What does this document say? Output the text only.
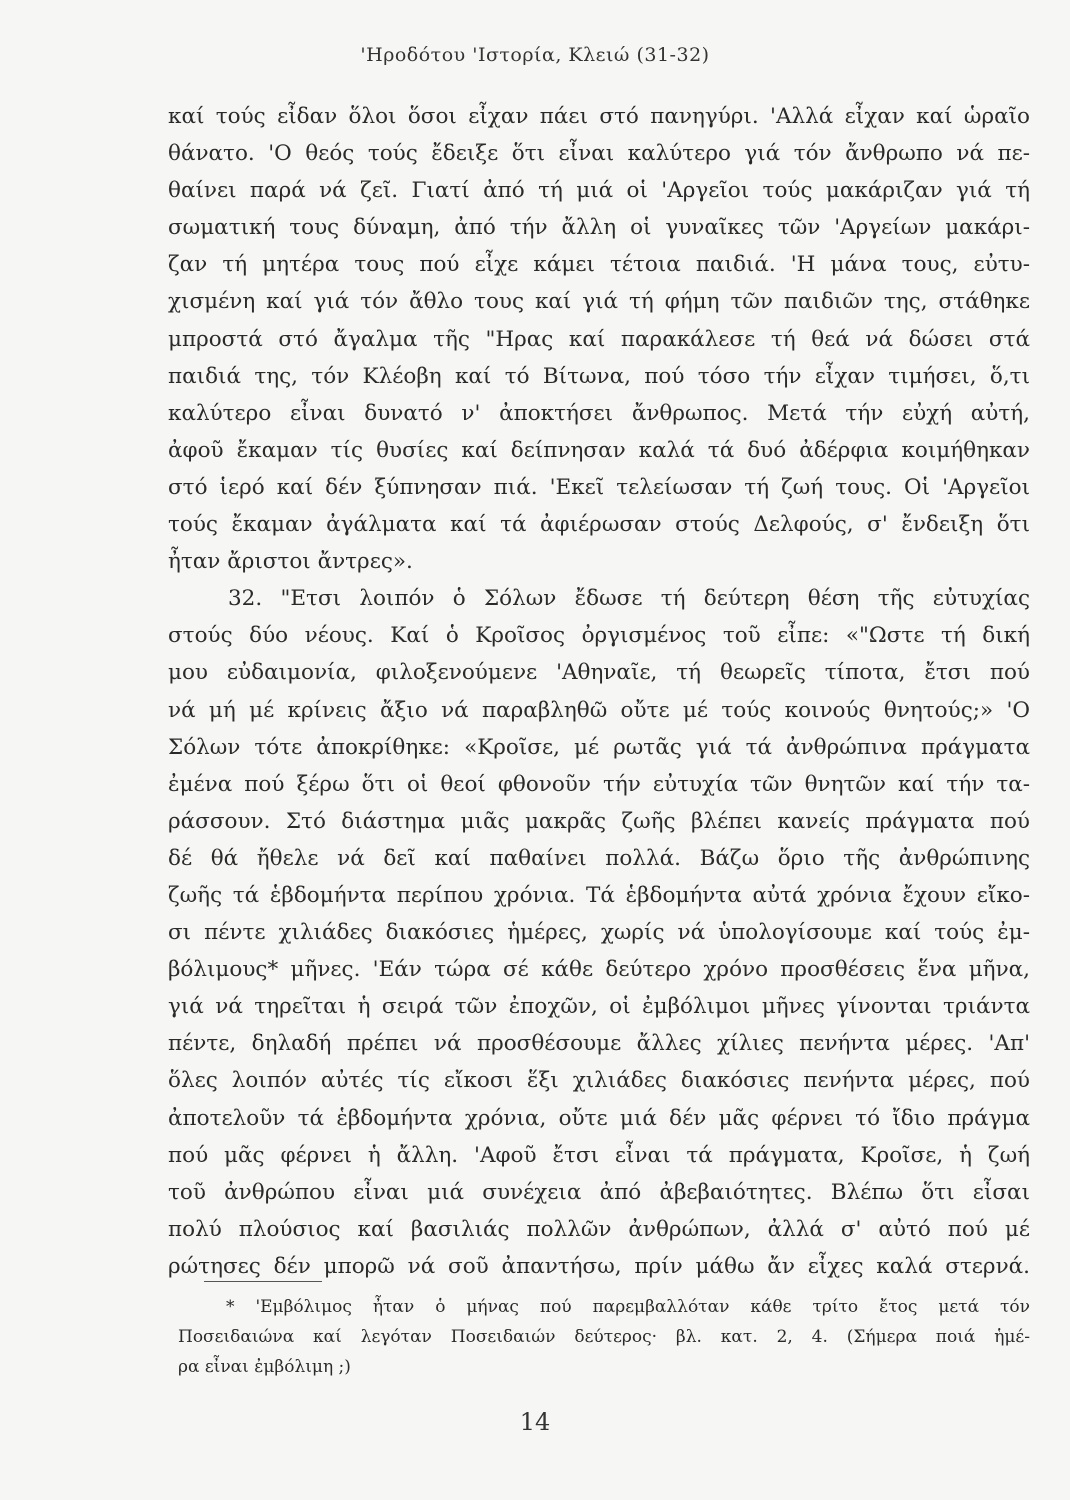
'Ηροδότου 'Ιστορία, Κλειώ (31-32)
καί τούς εἶδαν ὅλοι ὅσοι εἶχαν πάει στό πανηγύρι. 'Αλλά εἶχαν καί ὡραῖο
θάνατο. 'Ο θεός τούς ἔδειξε ὅτι εἶναι καλύτερο γιά τόν ἄνθρωπο νά πε-
θαίνει παρά νά ζεῖ. Γιατί ἀπό τή μιά οἱ 'Αργεῖοι τούς μακάριζαν γιά τή
σωματική τους δύναμη, ἀπό τήν ἄλλη οἱ γυναῖκες τῶν 'Αργείων μακάρι-
ζαν τή μητέρα τους πού εἶχε κάμει τέτοια παιδιά. 'Η μάνα τους, εὐτυ-
χισμένη καί γιά τόν ἄθλο τους καί γιά τή φήμη τῶν παιδιῶν της, στάθηκε
μπροστά στό ἄγαλμα τῆς "Ηρας καί παρακάλεσε τή θεά νά δώσει στά
παιδιά της, τόν Κλέοβη καί τό Βίτωνα, πού τόσο τήν εἶχαν τιμήσει, ὅ,τι
καλύτερο εἶναι δυνατό ν' ἀποκτήσει ἄνθρωπος. Μετά τήν εὐχή αὐτή,
ἀφοῦ ἔκαμαν τίς θυσίες καί δείπνησαν καλά τά δυό ἀδέρφια κοιμήθηκαν
στό ἱερό καί δέν ξύπνησαν πιά. 'Εκεῖ τελείωσαν τή ζωή τους. Οἱ 'Αργεῖοι
τούς ἔκαμαν ἀγάλματα καί τά ἀφιέρωσαν στούς Δελφούς, σ' ἔνδειξη ὅτι
ἦταν ἄριστοι ἄντρες».
32. "Ετσι λοιπόν ὁ Σόλων ἔδωσε τή δεύτερη θέση τῆς εὐτυχίας
στούς δύο νέους. Καί ὁ Κροῖσος ὀργισμένος τοῦ εἶπε: «"Ωστε τή δική
μου εὐδαιμονία, φιλοξενούμενε 'Αθηναῖε, τή θεωρεῖς τίποτα, ἔτσι πού
νά μή μέ κρίνεις ἄξιο νά παραβληθῶ οὔτε μέ τούς κοινούς θνητούς;» 'Ο
Σόλων τότε ἀποκρίθηκε: «Κροῖσε, μέ ρωτᾶς γιά τά ἀνθρώπινα πράγματα
ἐμένα πού ξέρω ὅτι οἱ θεοί φθονοῦν τήν εὐτυχία τῶν θνητῶν καί τήν τα-
ράσσουν. Στό διάστημα μιᾶς μακρᾶς ζωῆς βλέπει κανείς πράγματα πού
δέ θά ἤθελε νά δεῖ καί παθαίνει πολλά. Βάζω ὅριο τῆς ἀνθρώπινης
ζωῆς τά ἑβδομήντα περίπου χρόνια. Τά ἑβδομήντα αὐτά χρόνια ἔχουν εἴκο-
σι πέντε χιλιάδες διακόσιες ἡμέρες, χωρίς νά ὑπολογίσουμε καί τούς ἐμ-
βόλιμους* μῆνες. 'Εάν τώρα σέ κάθε δεύτερο χρόνο προσθέσεις ἕνα μῆνα,
γιά νά τηρεῖται ἡ σειρά τῶν ἐποχῶν, οἱ ἐμβόλιμοι μῆνες γίνονται τριάντα
πέντε, δηλαδή πρέπει νά προσθέσουμε ἄλλες χίλιες πενήντα μέρες. 'Απ'
ὅλες λοιπόν αὐτές τίς εἴκοσι ἕξι χιλιάδες διακόσιες πενήντα μέρες, πού
ἀποτελοῦν τά ἑβδομήντα χρόνια, οὔτε μιά δέν μᾶς φέρνει τό ἴδιο πράγμα
πού μᾶς φέρνει ἡ ἄλλη. 'Αφοῦ ἔτσι εἶναι τά πράγματα, Κροῖσε, ἡ ζωή
τοῦ ἀνθρώπου εἶναι μιά συνέχεια ἀπό ἀβεβαιότητες. Βλέπω ὅτι εἶσαι
πολύ πλούσιος καί βασιλιάς πολλῶν ἀνθρώπων, ἀλλά σ' αὐτό πού μέ
ρώτησες δέν μπορῶ νά σοῦ ἀπαντήσω, πρίν μάθω ἄν εἶχες καλά στερνά.
* 'Εμβόλιμος ἦταν ὁ μήνας πού παρεμβαλλόταν κάθε τρίτο ἔτος μετά τόν
Ποσειδαιώνα καί λεγόταν Ποσειδαιών δεύτερος· βλ. κατ. 2, 4. (Σήμερα ποιά ἡμέ-
ρα εἶναι ἐμβόλιμη ;)
14
